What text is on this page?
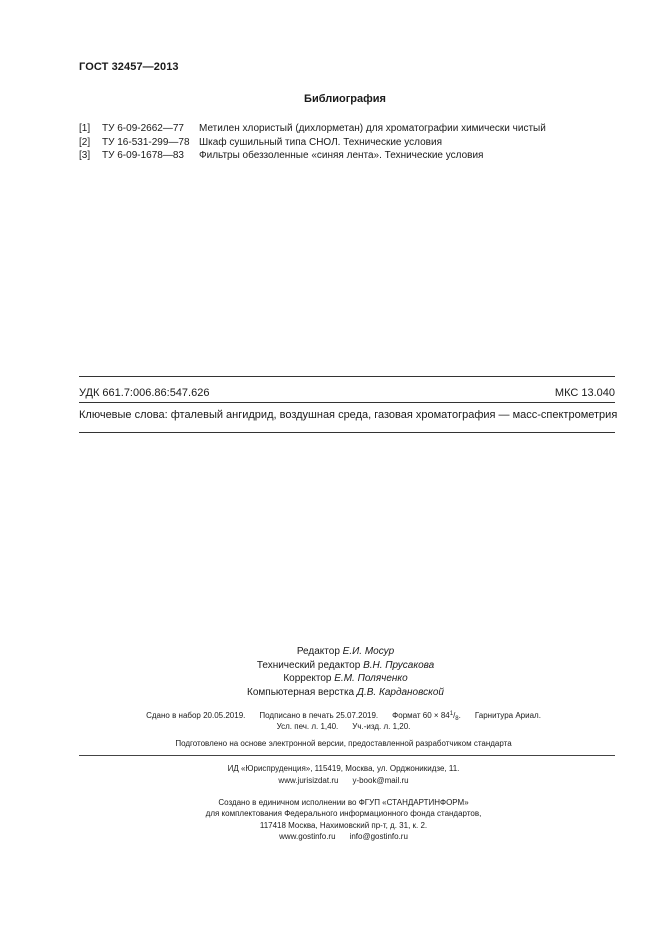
ГОСТ 32457—2013
Библиография
[1]	ТУ 6-09-2662—77	Метилен хлористый (дихлорметан) для хроматографии химически чистый
[2]	ТУ 16-531-299—78 Шкаф сушильный типа СНОЛ. Технические условия
[3]	ТУ 6-09-1678—83	Фильтры обеззоленные «синяя лента». Технические условия
УДК 661.7:006.86:547.626	МКС 13.040
Ключевые слова: фталевый ангидрид, воздушная среда, газовая хроматография — масс-спектрометрия
Редактор Е.И. Мосур
Технический редактор В.Н. Прусакова
Корректор Е.М. Поляченко
Компьютерная верстка Д.В. Кардановской
Сдано в набор 20.05.2019. Подписано в печать 25.07.2019. Формат $60 \times 84^1/_8$. Гарнитура Ариал.
Усл. печ. л. 1,40. Уч.-изд. л. 1,20.
Подготовлено на основе электронной версии, предоставленной разработчиком стандарта
ИД «Юриспруденция», 115419, Москва, ул. Орджоникидзе, 11.
www.jurisizdat.ru y-book@mail.ru
Создано в единичном исполнении во ФГУП «СТАНДАРТИНФОРМ»
для комплектования Федерального информационного фонда стандартов,
117418 Москва, Нахимовский пр-т, д. 31, к. 2.
www.gostinfo.ru info@gostinfo.ru
